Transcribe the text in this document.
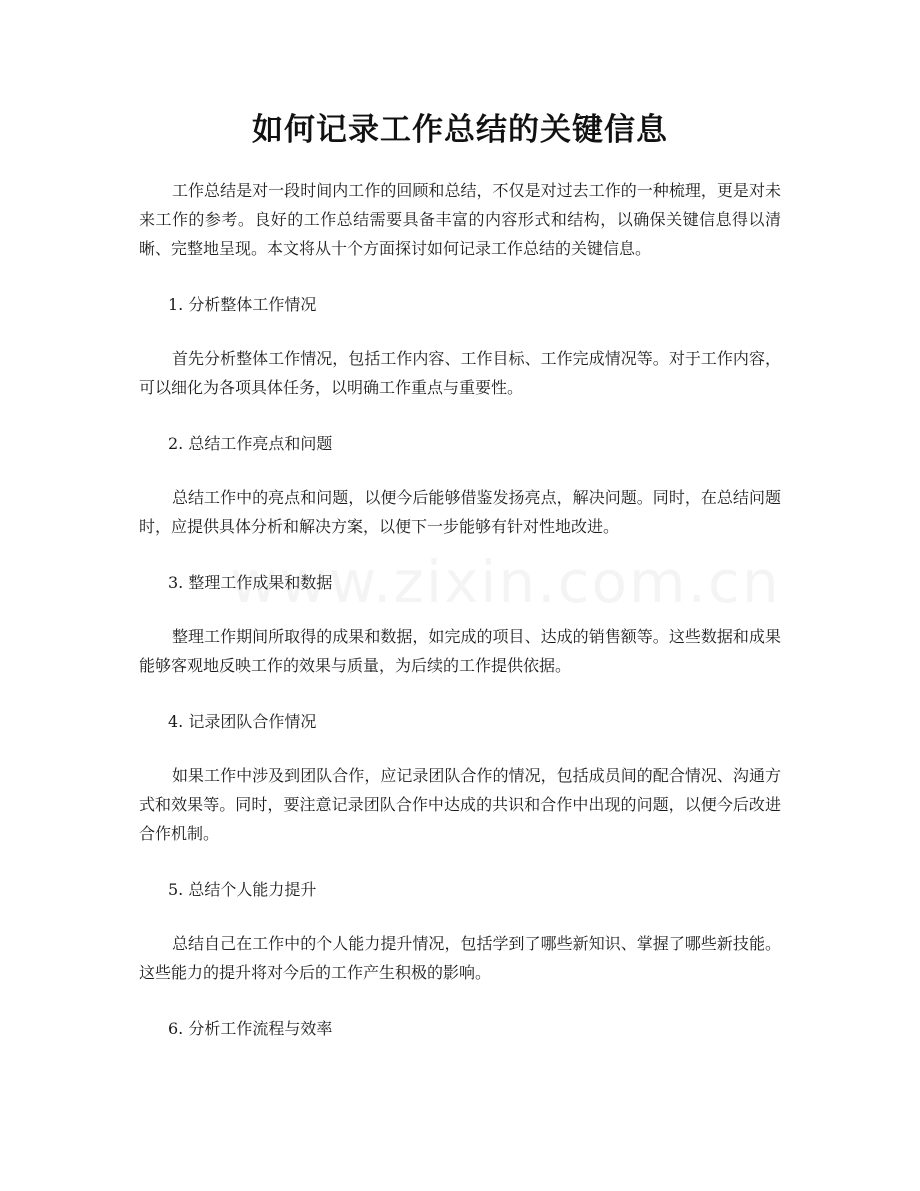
如何记录工作总结的关键信息

工作总结是对一段时间内工作的回顾和总结，不仅是对过去工作的一种梳理，更是对未来工作的参考。良好的工作总结需要具备丰富的内容形式和结构，以确保关键信息得以清晰、完整地呈现。本文将从十个方面探讨如何记录工作总结的关键信息。

1. 分析整体工作情况

首先分析整体工作情况，包括工作内容、工作目标、工作完成情况等。对于工作内容，可以细化为各项具体任务，以明确工作重点与重要性。

2. 总结工作亮点和问题

总结工作中的亮点和问题，以便今后能够借鉴发扬亮点，解决问题。同时，在总结问题时，应提供具体分析和解决方案，以便下一步能够有针对性地改进。

3. 整理工作成果和数据

整理工作期间所取得的成果和数据，如完成的项目、达成的销售额等。这些数据和成果能够客观地反映工作的效果与质量，为后续的工作提供依据。

4. 记录团队合作情况

如果工作中涉及到团队合作，应记录团队合作的情况，包括成员间的配合情况、沟通方式和效果等。同时，要注意记录团队合作中达成的共识和合作中出现的问题，以便今后改进合作机制。

5. 总结个人能力提升

总结自己在工作中的个人能力提升情况，包括学到了哪些新知识、掌握了哪些新技能。这些能力的提升将对今后的工作产生积极的影响。

6. 分析工作流程与效率
